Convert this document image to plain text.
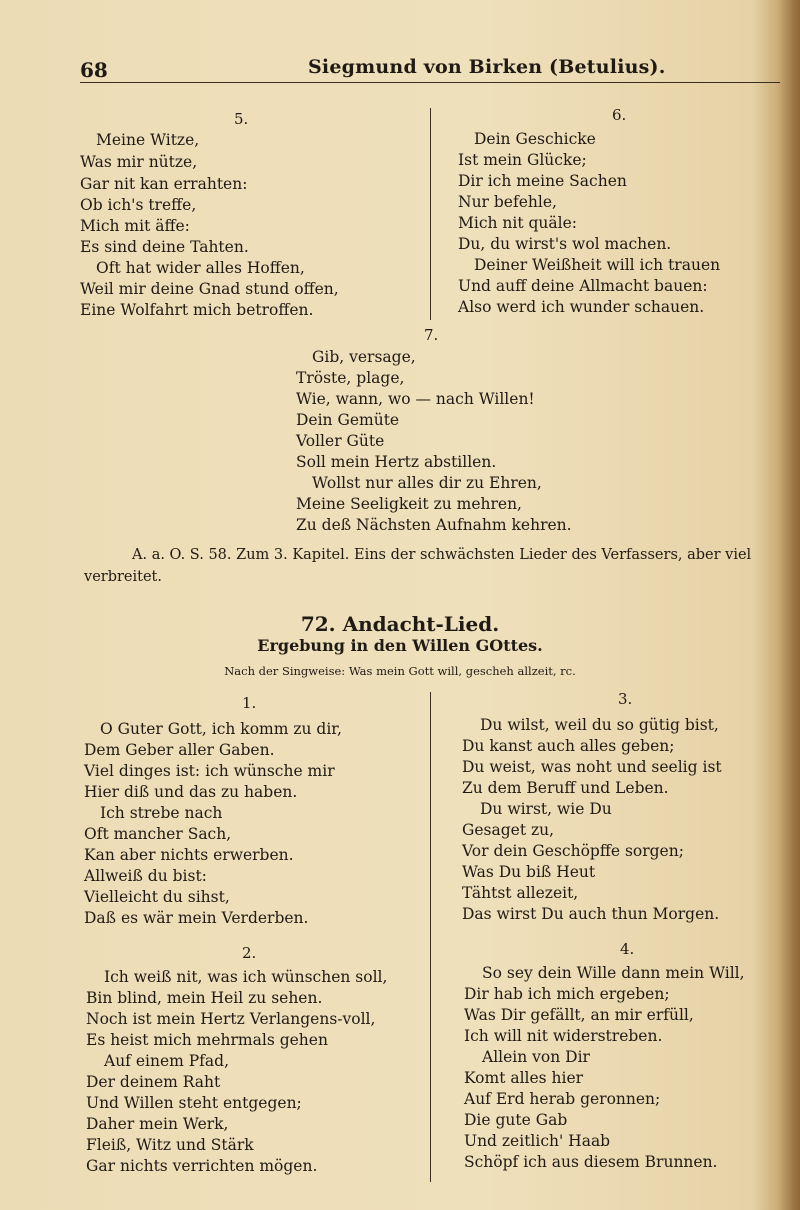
68	Siegmund von Birken (Betulius).
5.
Meine Witze,
Was mir nütze,
Gar nit kan errahten:
Ob ich's treffe,
Mich mit äffe:
Es sind deine Tahten.
Oft hat wider alles Hoffen,
Weil mir deine Gnad stund offen,
Eine Wolfahrt mich betroffen.
6.
Dein Geschicke
Ist mein Glücke;
Dir ich meine Sachen
Nur befehle,
Mich nit quäle:
Du, du wirst's wol machen.
Deiner Weißheit will ich trauen
Und auff deine Allmacht bauen:
Also werd ich wunder schauen.
7.
Gib, versage,
Tröste, plage,
Wie, wann, wo — nach Willen!
Dein Gemüte
Voller Güte
Soll mein Hertz abstillen.
Wollst nur alles dir zu Ehren,
Meine Seeligkeit zu mehren,
Zu deß Nächsten Aufnahm kehren.
A. a. O. S. 58. Zum 3. Kapitel. Eins der schwächsten Lieder des Verfassers, aber viel
verbreitet.
72. Andacht-Lied.
Ergebung in den Willen GOttes.
Nach der Singweise: Was mein Gott will, gescheh allzeit, rc.
1.
O Guter Gott, ich komm zu dir,
Dem Geber aller Gaben.
Viel dinges ist: ich wünsche mir
Hier diß und das zu haben.
Ich strebe nach
Oft mancher Sach,
Kan aber nichts erwerben.
Allweiß du bist:
Vielleicht du sihst,
Daß es wär mein Verderben.
2.
Ich weiß nit, was ich wünschen soll,
Bin blind, mein Heil zu sehen.
Noch ist mein Hertz Verlangens-voll,
Es heist mich mehrmals gehen
Auf einem Pfad,
Der deinem Raht
Und Willen steht entgegen;
Daher mein Werk,
Fleiß, Witz und Stärk
Gar nichts verrichten mögen.
3.
Du wilst, weil du so gütig bist,
Du kanst auch alles geben;
Du weist, was noht und seelig ist
Zu dem Beruff und Leben.
Du wirst, wie Du
Gesaget zu,
Vor dein Geschöpffe sorgen;
Was Du biß Heut
Tähtst allezeit,
Das wirst Du auch thun Morgen.
4.
So sey dein Wille dann mein Will,
Dir hab ich mich ergeben;
Was Dir gefällt, an mir erfüll,
Ich will nit widerstreben.
Allein von Dir
Komt alles hier
Auf Erd herab geronnen;
Die gute Gab
Und zeitlich' Haab
Schöpf ich aus diesem Brunnen.
